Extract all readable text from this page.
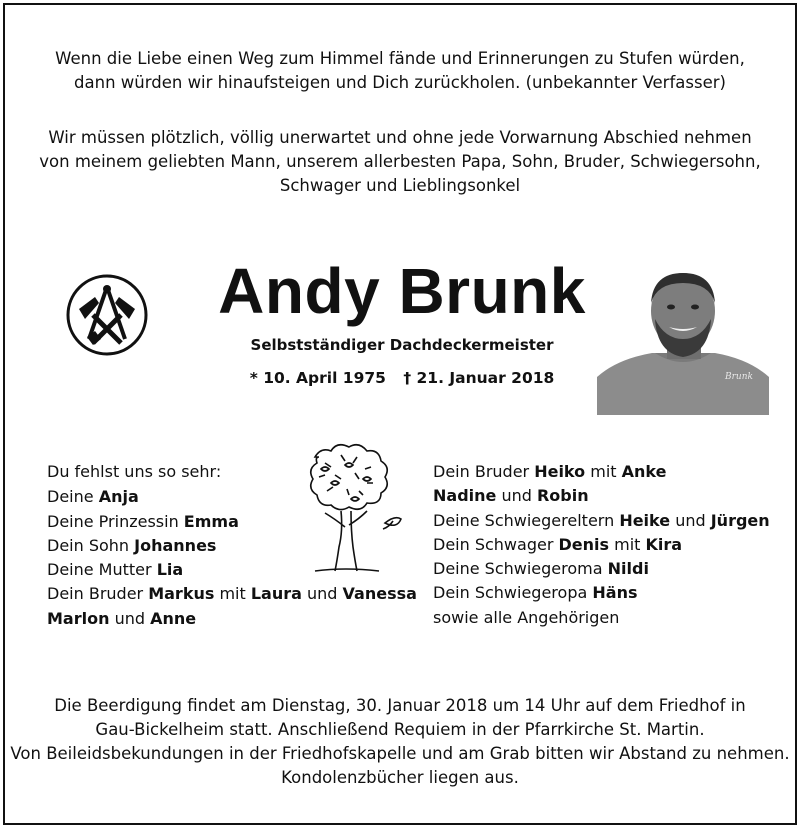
Wenn die Liebe einen Weg zum Himmel fände und Erinnerungen zu Stufen würden,
dann würden wir hinaufsteigen und Dich zurückholen. (unbekannter Verfasser)
Wir müssen plötzlich, völlig unerwartet und ohne jede Vorwarnung Abschied nehmen
von meinem geliebten Mann, unserem allerbesten Papa, Sohn, Bruder, Schwiegersohn,
Schwager und Lieblingsonkel
Andy Brunk
Selbstständiger Dachdeckermeister
* 10. April 1975 † 21. Januar 2018	Brunk
Du fehlst uns so sehr:
Deine Anja
Deine Prinzessin Emma
Dein Sohn Johannes
Deine Mutter Lia
Dein Bruder Markus mit Laura und Vanessa
Marlon und Anne
Dein Bruder Heiko mit Anke
Nadine und Robin
Deine Schwiegereltern Heike und Jürgen
Dein Schwager Denis mit Kira
Deine Schwiegeroma Nildi
Dein Schwiegeropa Häns
sowie alle Angehörigen
Die Beerdigung findet am Dienstag, 30. Januar 2018 um 14 Uhr auf dem Friedhof in
Gau-Bickelheim statt. Anschließend Requiem in der Pfarrkirche St. Martin.
Von Beileidsbekundungen in der Friedhofskapelle und am Grab bitten wir Abstand zu nehmen.
Kondolenzbücher liegen aus.
